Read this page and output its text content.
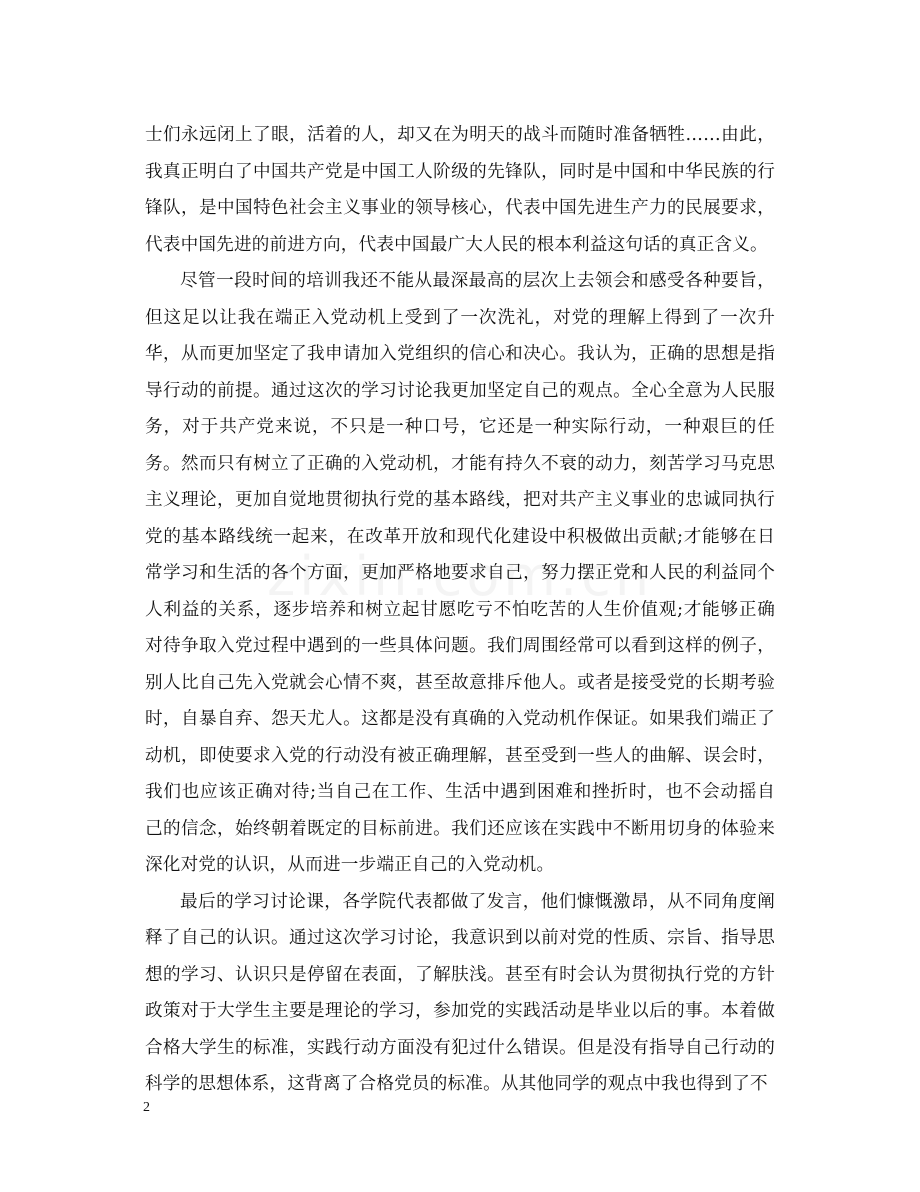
士们永远闭上了眼，活着的人，却又在为明天的战斗而随时准备牺牲……由此，
我真正明白了中国共产党是中国工人阶级的先锋队，同时是中国和中华民族的行
锋队，是中国特色社会主义事业的领导核心，代表中国先进生产力的民展要求，
代表中国先进的前进方向，代表中国最广大人民的根本利益这句话的真正含义。
尽管一段时间的培训我还不能从最深最高的层次上去领会和感受各种要旨，
但这足以让我在端正入党动机上受到了一次洗礼，对党的理解上得到了一次升
华，从而更加坚定了我申请加入党组织的信心和决心。我认为，正确的思想是指
导行动的前提。通过这次的学习讨论我更加坚定自己的观点。全心全意为人民服
务，对于共产党来说，不只是一种口号，它还是一种实际行动，一种艰巨的任
务。然而只有树立了正确的入党动机，才能有持久不衰的动力，刻苦学习马克思
主义理论，更加自觉地贯彻执行党的基本路线，把对共产主义事业的忠诚同执行
党的基本路线统一起来，在改革开放和现代化建设中积极做出贡献;才能够在日
常学习和生活的各个方面，更加严格地要求自己，努力摆正党和人民的利益同个
人利益的关系，逐步培养和树立起甘愿吃亏不怕吃苦的人生价值观;才能够正确
对待争取入党过程中遇到的一些具体问题。我们周围经常可以看到这样的例子，
别人比自己先入党就会心情不爽，甚至故意排斥他人。或者是接受党的长期考验
时，自暴自弃、怨天尤人。这都是没有真确的入党动机作保证。如果我们端正了
动机，即使要求入党的行动没有被正确理解，甚至受到一些人的曲解、误会时，
我们也应该正确对待;当自己在工作、生活中遇到困难和挫折时，也不会动摇自
己的信念，始终朝着既定的目标前进。我们还应该在实践中不断用切身的体验来
深化对党的认识，从而进一步端正自己的入党动机。
最后的学习讨论课，各学院代表都做了发言，他们慷慨激昂，从不同角度阐
释了自己的认识。通过这次学习讨论，我意识到以前对党的性质、宗旨、指导思
想的学习、认识只是停留在表面，了解肤浅。甚至有时会认为贯彻执行党的方针
政策对于大学生主要是理论的学习，参加党的实践活动是毕业以后的事。本着做
合格大学生的标准，实践行动方面没有犯过什么错误。但是没有指导自己行动的
科学的思想体系，这背离了合格党员的标准。从其他同学的观点中我也得到了不
2
